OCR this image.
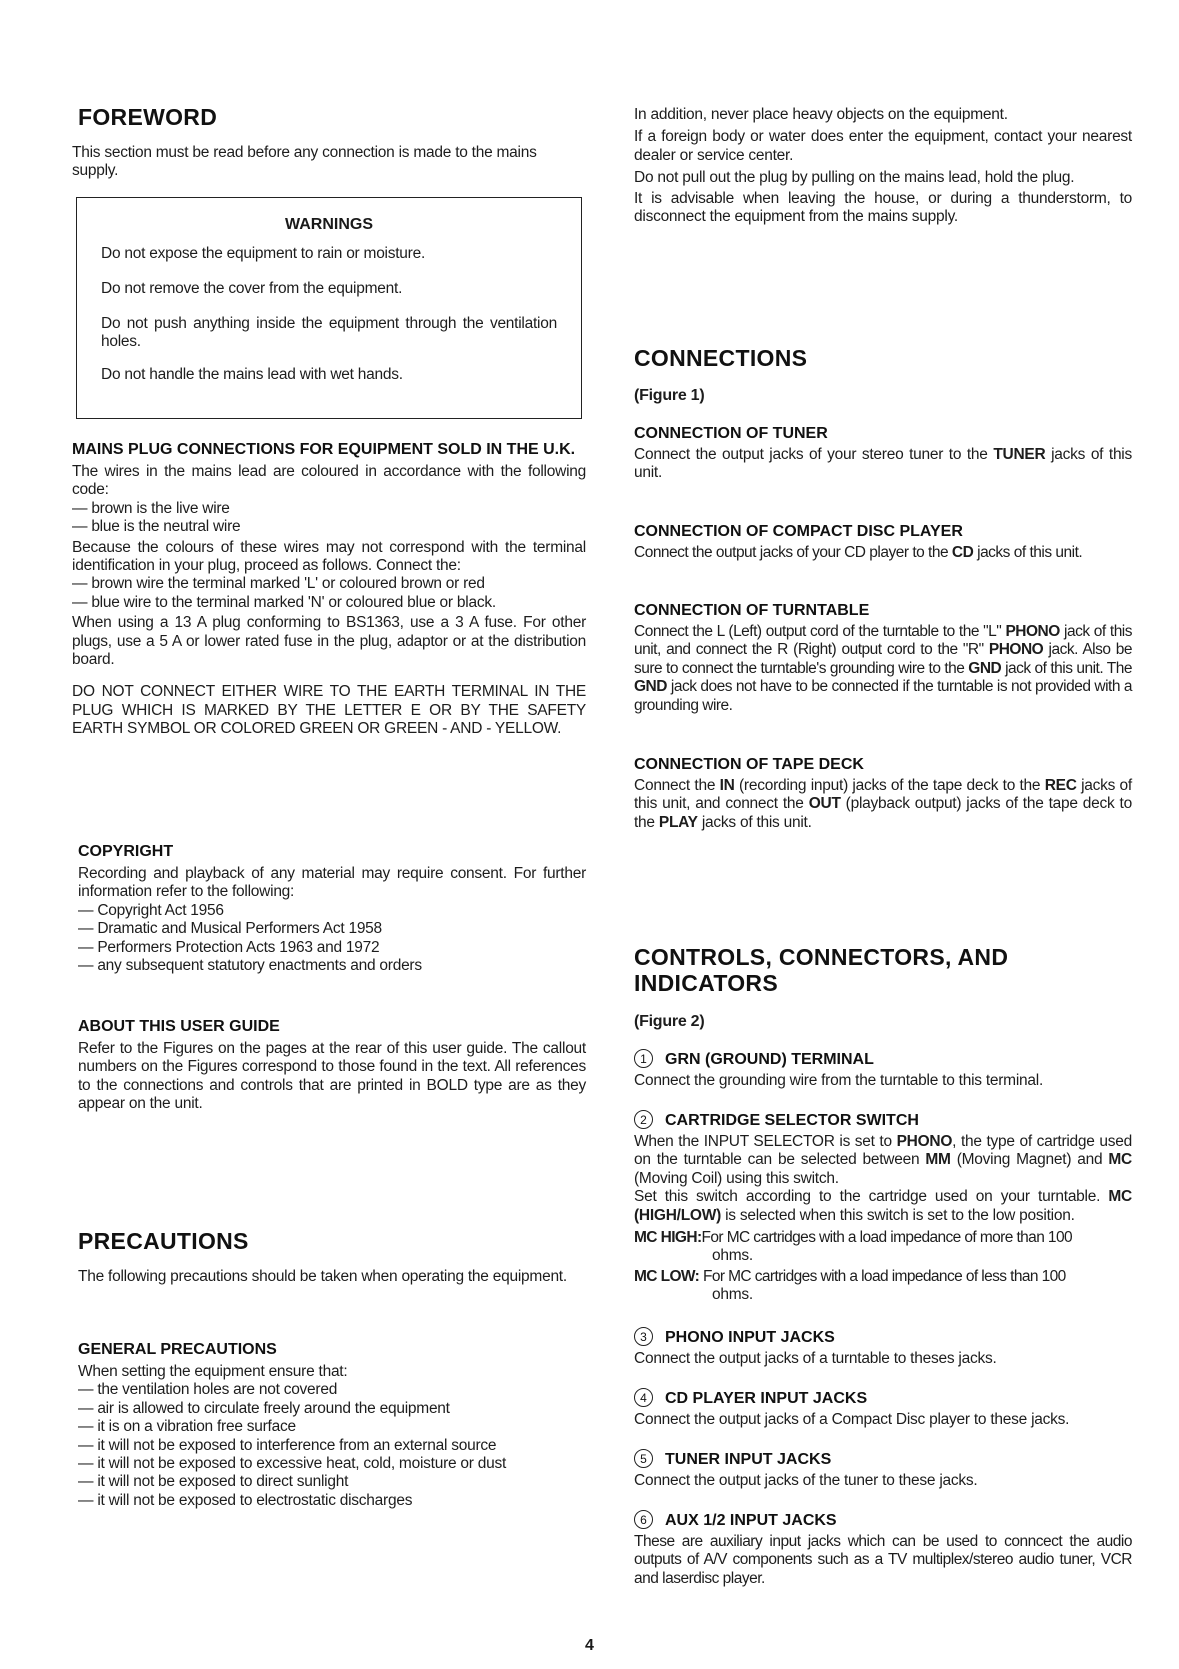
FOREWORD

This section must be read before any connection is made to the mains supply.

WARNINGS

Do not expose the equipment to rain or moisture.

Do not remove the cover from the equipment.

Do not push anything inside the equipment through the ventilation holes.

Do not handle the mains lead with wet hands.

MAINS PLUG CONNECTIONS FOR EQUIPMENT SOLD IN THE U.K.

The wires in the mains lead are coloured in accordance with the following code:

— brown is the live wire
— blue is the neutral wire

Because the colours of these wires may not correspond with the terminal identification in your plug, proceed as follows. Connect the:

— brown wire the terminal marked 'L' or coloured brown or red
— blue wire to the terminal marked 'N' or coloured blue or black.

When using a 13 A plug conforming to BS1363, use a 3 A fuse. For other plugs, use a 5 A or lower rated fuse in the plug, adaptor or at the distribution board.

DO NOT CONNECT EITHER WIRE TO THE EARTH TERMINAL IN THE PLUG WHICH IS MARKED BY THE LETTER E OR BY THE SAFETY EARTH SYMBOL OR COLORED GREEN OR GREEN - AND - YELLOW.

COPYRIGHT

Recording and playback of any material may require consent. For further information refer to the following:

— Copyright Act 1956
— Dramatic and Musical Performers Act 1958
— Performers Protection Acts 1963 and 1972
— any subsequent statutory enactments and orders
ABOUT THIS USER GUIDE

Refer to the Figures on the pages at the rear of this user guide. The callout numbers on the Figures correspond to those found in the text. All references to the connections and controls that are printed in BOLD type are as they appear on the unit.

PRECAUTIONS

The following precautions should be taken when operating the equipment.

GENERAL PRECAUTIONS

When setting the equipment ensure that:

— the ventilation holes are not covered
— air is allowed to circulate freely around the equipment
— it is on a vibration free surface
— it will not be exposed to interference from an external source
— it will not be exposed to excessive heat, cold, moisture or dust
— it will not be exposed to direct sunlight
— it will not be exposed to electrostatic discharges

In addition, never place heavy objects on the equipment.

If a foreign body or water does enter the equipment, contact your nearest dealer or service center.

Do not pull out the plug by pulling on the mains lead, hold the plug.

It is advisable when leaving the house, or during a thunderstorm, to disconnect the equipment from the mains supply.

CONNECTIONS

(Figure 1)

CONNECTION OF TUNER

Connect the output jacks of your stereo tuner to the TUNER jacks of this unit.

CONNECTION OF COMPACT DISC PLAYER

Connect the output jacks of your CD player to the CD jacks of this unit.

CONNECTION OF TURNTABLE

Connect the L (Left) output cord of the turntable to the "L" PHONO jack of this unit, and connect the R (Right) output cord to the "R" PHONO jack. Also be sure to connect the turntable's grounding wire to the GND jack of this unit. The GND jack does not have to be connected if the turntable is not provided with a grounding wire.

CONNECTION OF TAPE DECK

Connect the IN (recording input) jacks of the tape deck to the REC jacks of this unit, and connect the OUT (playback output) jacks of the tape deck to the PLAY jacks of this unit.

CONTROLS, CONNECTORS, AND
INDICATORS

(Figure 2)

1 GRN (GROUND) TERMINAL

Connect the grounding wire from the turntable to this terminal.

2 CARTRIDGE SELECTOR SWITCH

When the INPUT SELECTOR is set to PHONO, the type of cartridge used on the turntable can be selected between MM (Moving Magnet) and MC (Moving Coil) using this switch.

Set this switch according to the cartridge used on your turntable. MC (HIGH/LOW) is selected when this switch is set to the low position.

MC HIGH:For MC cartridges with a load impedance of more than 100

ohms.

MC LOW: For MC cartridges with a load impedance of less than 100

ohms.

3 PHONO INPUT JACKS

Connect the output jacks of a turntable to theses jacks.

4 CD PLAYER INPUT JACKS

Connect the output jacks of a Compact Disc player to these jacks.

5 TUNER INPUT JACKS

Connect the output jacks of the tuner to these jacks.

6 AUX 1/2 INPUT JACKS

These are auxiliary input jacks which can be used to conncect the audio outputs of A/V components such as a TV multiplex/stereo audio tuner, VCR and laserdisc player.

4
